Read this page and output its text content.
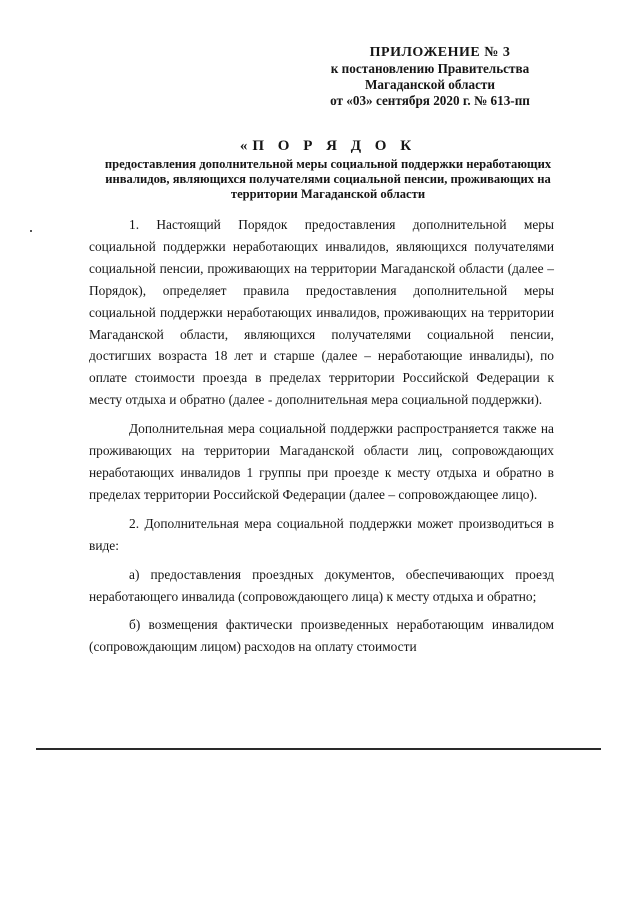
ПРИЛОЖЕНИЕ № 3
к постановлению Правительства
Магаданской области
от «03» сентября 2020 г. № 613-пп
«П О Р Я Д О К
предоставления дополнительной меры социальной поддержки неработающих инвалидов, являющихся получателями социальной пенсии, проживающих на территории Магаданской области

1. Настоящий Порядок предоставления дополнительной меры социальной поддержки неработающих инвалидов, являющихся получателями социальной пенсии, проживающих на территории Магаданской области (далее – Порядок), определяет правила предоставления дополнительной меры социальной поддержки неработающих инвалидов, проживающих на территории Магаданской области, являющихся получателями социальной пенсии, достигших возраста 18 лет и старше (далее – неработающие инвалиды), по оплате стоимости проезда в пределах территории Российской Федерации к месту отдыха и обратно (далее - дополнительная мера социальной поддержки).

Дополнительная мера социальной поддержки распространяется также на проживающих на территории Магаданской области лиц, сопровождающих неработающих инвалидов 1 группы при проезде к месту отдыха и обратно в пределах территории Российской Федерации (далее – сопровождающее лицо).

2. Дополнительная мера социальной поддержки может производиться в виде:

а) предоставления проездных документов, обеспечивающих проезд неработающего инвалида (сопровождающего лица) к месту отдыха и обратно;

б) возмещения фактически произведенных неработающим инвалидом (сопровождающим лицом) расходов на оплату стоимости
